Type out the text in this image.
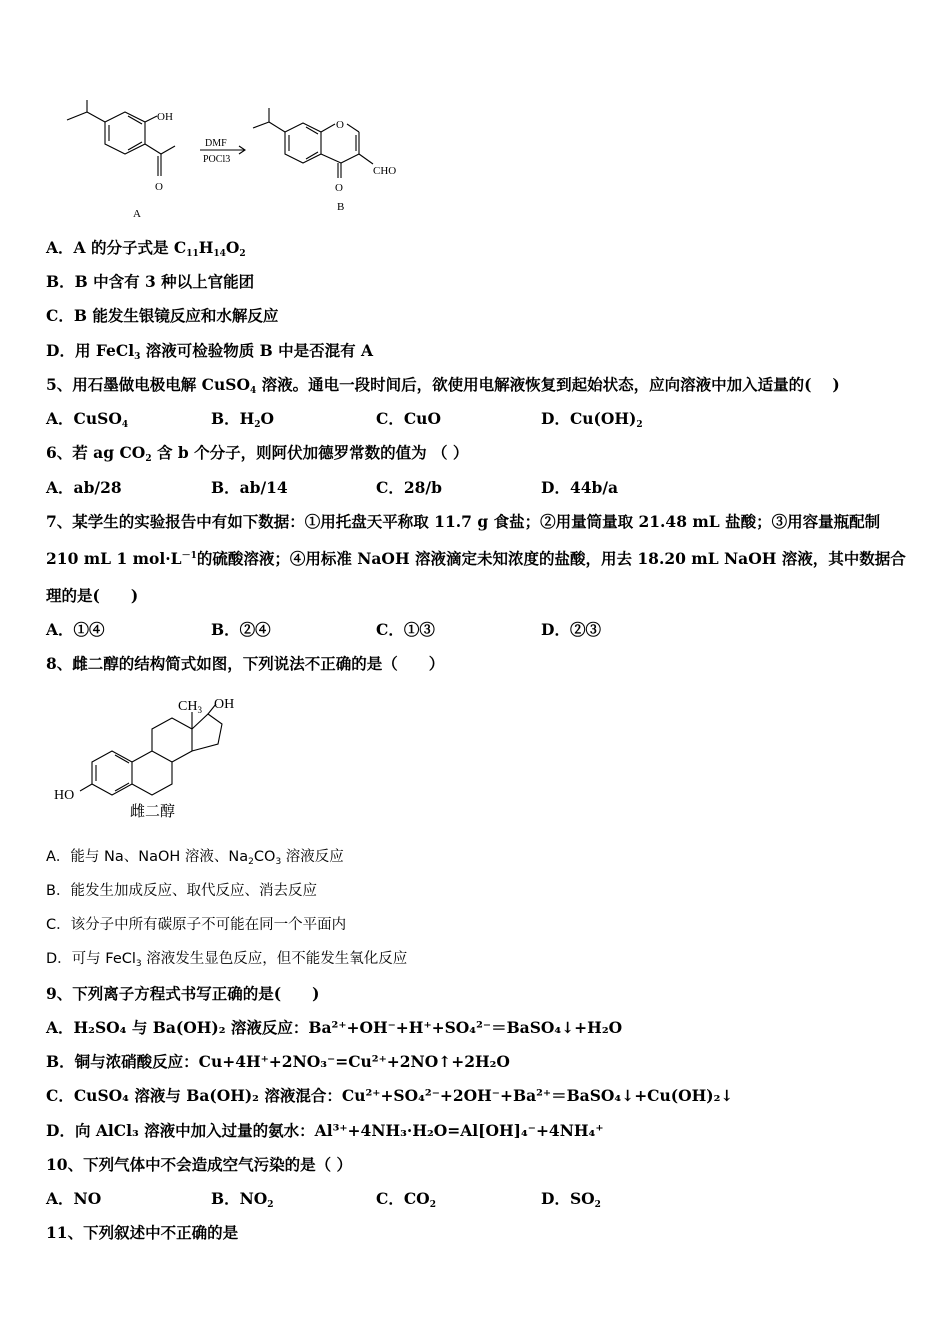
OH
O
A
DMF
POCl3
O
CHO
O
B
A．A 的分子式是 $C_{11}H_{14}O_2$
B．B 中含有 3 种以上官能团
C．B 能发生银镜反应和水解反应
D．用 FeCl$_3$ 溶液可检验物质 B 中是否混有 A
5、用石墨做电极电解 CuSO$_4$ 溶液。通电一段时间后，欲使用电解液恢复到起始状态，应向溶液中加入适量的(　 )
A．CuSO$_4$	B．$H_2O$	C．CuO	D．$Cu(OH)_2$
6、若 ag $CO_2$ 含 b 个分子，则阿伏加德罗常数的值为 （ ）
A．ab/28	B．ab/14	C．28/b	D．44b/a
7、某学生的实验报告中有如下数据：①用托盘天平称取 11.7 g 食盐；②用量筒量取 21.48 mL 盐酸；③用容量瓶配制
210 mL 1 $mol\cdot L^{-1}$的硫酸溶液；④用标准 NaOH 溶液滴定未知浓度的盐酸，用去 18.20 mL NaOH 溶液，其中数据合
理的是(　　)
A．①④	B．②④	C．①③	D．②③
8、雌二醇的结构简式如图，下列说法不正确的是（　　）
$CH_3$ OH
HO
雌二醇
A．能与 Na、NaOH 溶液、$Na_2CO_3$ 溶液反应
B．能发生加成反应、取代反应、消去反应
C．该分子中所有碳原子不可能在同一个平面内
D．可与 FeCl$_3$ 溶液发生显色反应，但不能发生氧化反应
9、下列离子方程式书写正确的是(　　)
A．H₂SO₄ 与 Ba(OH)₂ 溶液反应：Ba²⁺+OH⁻+H⁺+SO₄²⁻＝BaSO₄↓+H₂O
B．铜与浓硝酸反应：Cu+4H⁺+2NO₃⁻=Cu²⁺+2NO↑+2H₂O
C．CuSO₄ 溶液与 Ba(OH)₂ 溶液混合：Cu²⁺+SO₄²⁻+2OH⁻+Ba²⁺＝BaSO₄↓+Cu(OH)₂↓
D．向 AlCl₃ 溶液中加入过量的氨水：Al³⁺+4NH₃·H₂O=Al[OH]₄⁻+4NH₄⁺
10、下列气体中不会造成空气污染的是（ ）
A．NO	B．$NO_2$	C．$CO_2$	D．$SO_2$
11、下列叙述中不正确的是
